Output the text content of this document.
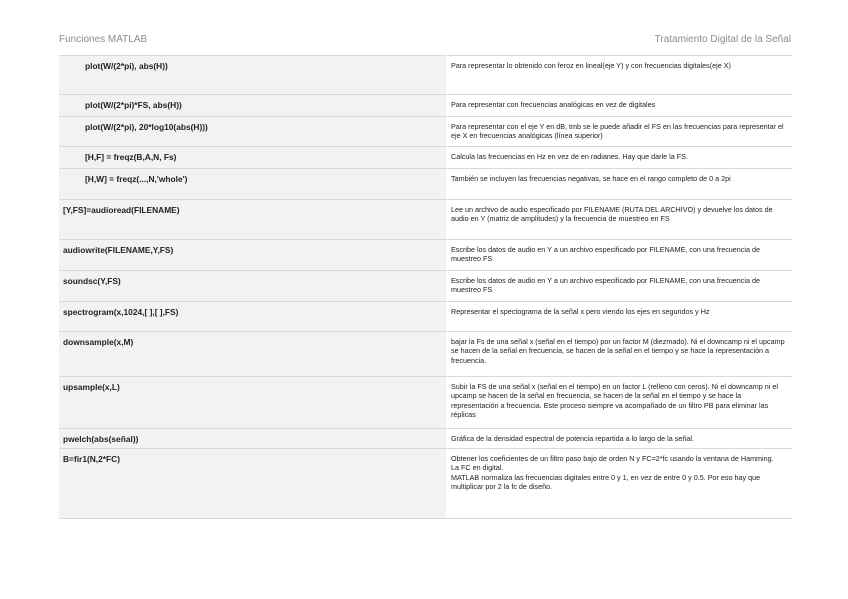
Funciones MATLAB	Tratamiento Digital de la Señal
plot(W/(2*pi), abs(H))	Para representar lo obtenido con feroz en lineal(eje Y) y con frecuencias digitales(eje X)
plot(W/(2*pi)*FS, abs(H))	Para representar con frecuencias analógicas en vez de digitales
plot(W/(2*pi), 20*log10(abs(H)))	Para representar con el eje Y en dB, tmb se le puede añadir el FS en las frecuencias para representar el eje X en frecuencias analógicas (línea superior)
[H,F] = freqz(B,A,N, Fs)	Calcula las frecuencias en Hz en vez de en radianes. Hay que darle la FS.
[H,W] = freqz(...,N,'whole')	También se incluyen las frecuencias negativas, se hace en el rango completo de 0 a 2pi
[Y,FS]=audioread(FILENAME)	Lee un archivo de audio especificado por FILENAME (RUTA DEL ARCHIVO) y devuelve los datos de audio en Y (matriz de amplitudes) y la frecuencia de muestreo en FS
audiowrite(FILENAME,Y,FS)	Escribe los datos de audio en Y a un archivo especificado por FILENAME, con una frecuencia de muestreo FS
soundsc(Y,FS)	Escribe los datos de audio en Y a un archivo especificado por FILENAME, con una frecuencia de muestreo FS
spectrogram(x,1024,[ ],[ ],FS)	Representar el spectograma de la señal x pero viendo los ejes en segundos y Hz
downsample(x,M)	bajar la Fs de una señal x (señal en el tiempo) por un factor M (diezmado). Ni el downcamp ni el upcamp se hacen de la señal en frecuencia, se hacen de la señal en el tiempo y se hace la representación a frecuencia.
upsample(x,L)	Subir la FS de una señal x (señal en el tiempo) en un factor L (relleno con ceros). Ni el downcamp ni el upcamp se hacen de la señal en frecuencia, se hacen de la señal en el tiempo y se hace la representación a frecuencia. Este proceso siempre va acompañado de un filtro PB para eliminar las réplicas
pwelch(abs(señal))	Gráfica de la densidad espectral de potencia repartida a lo largo de la señal.
B=fir1(N,2*FC)	Obtener los coeficientes de un filtro paso bajo de orden N y FC=2*fc usando la ventana de Hamming.
La FC en digital.
MATLAB normaliza las frecuencias digitales entre 0 y 1, en vez de entre 0 y 0.5. Por eso hay que multiplicar por 2 la fc de diseño.
